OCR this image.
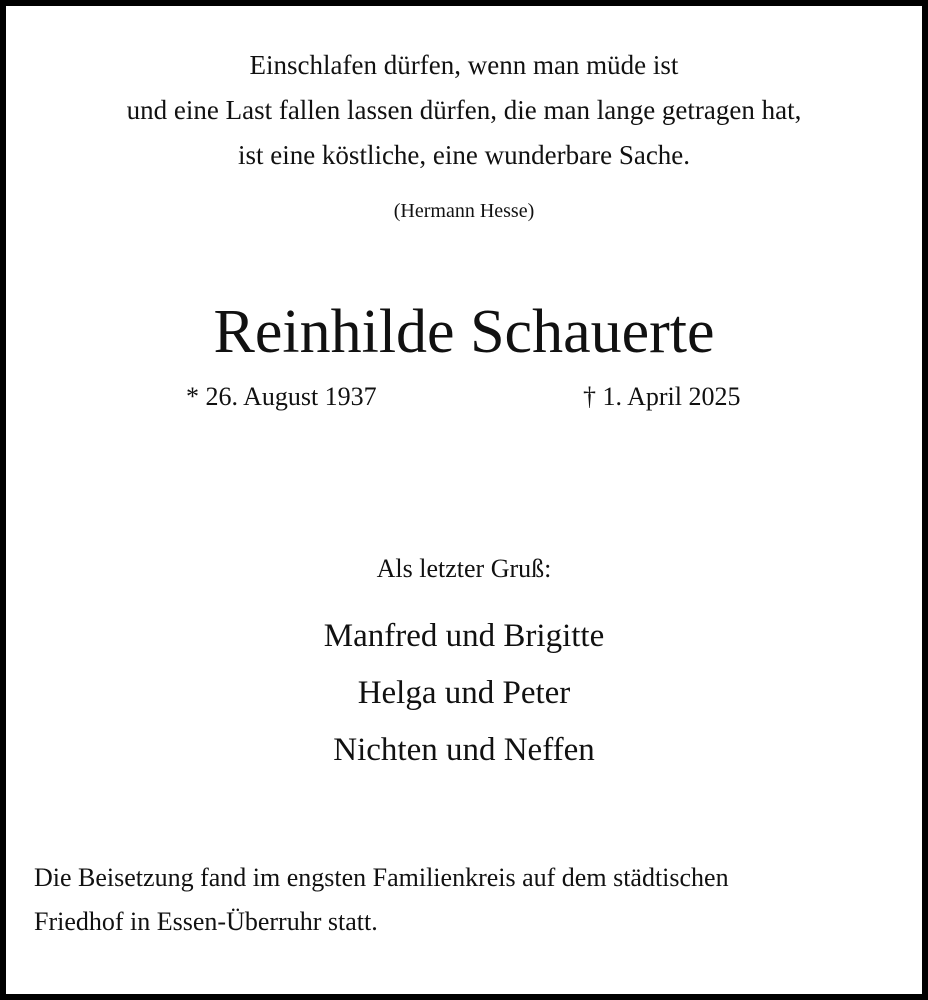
Einschlafen dürfen, wenn man müde ist
und eine Last fallen lassen dürfen, die man lange getragen hat,
ist eine köstliche, eine wunderbare Sache.
(Hermann Hesse)
Reinhilde Schauerte
* 26. August 1937	† 1. April 2025
Als letzter Gruß:
Manfred und Brigitte
Helga und Peter
Nichten und Neffen
Die Beisetzung fand im engsten Familienkreis auf dem städtischen
Friedhof in Essen-Überruhr statt.
